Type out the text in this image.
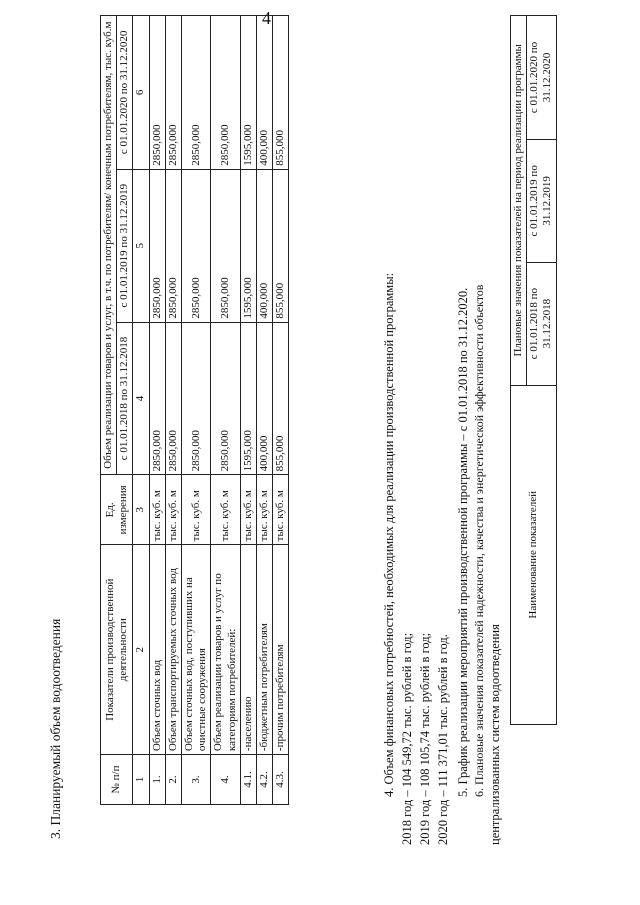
4
3. Планируемый объем водоотведения	№ п/п	Показатели производственной деятельности	Ед. измерения	Объем реализации товаров и услуг, в т.ч. по потребителям/ конечным потребителям, тыс. куб.м		
			с 01.01.2018 по 31.12.2018	с 01.01.2019 по 31.12.2019	с 01.01.2020 по 31.12.2020
1	2	3	4	5	6
1.	Объем сточных вод	тыс. куб. м	2850,000	2850,000	2850,000
2.	Объем транспортируемых сточных вод	тыс. куб. м	2850,000	2850,000	2850,000
3.	Объем сточных вод, поступивших на очистные сооружения	тыс. куб. м	2850,000	2850,000	2850,000
4.	Объем реализации товаров и услуг по категориям потребителей:	тыс. куб. м	2850,000	2850,000	2850,000
4.1.	-населению	тыс. куб. м	1595,000	1595,000	1595,000
4.2.	-бюджетным потребителям	тыс. куб. м	400,000	400,000	400,000
4.3.	-прочим потребителям	тыс. куб. м	855,000	855,000	855,000
4. Объем финансовых потребностей, необходимых для реализации производственной программы: 2018 год – 104 549,72 тыс. рублей в год; 2019 год – 108 105,74 тыс. рублей в год; 2020 год – 111 371,01 тыс. рублей в год. 5. График реализации мероприятий производственной программы – с 01.01.2018 по 31.12.2020. 6. Плановые значения показателей надежности, качества и энергетической эффективности объектов централизованных систем водоотведения
Наименование показателей	Плановые значения показателей на период реализации программы		
	с 01.01.2018 по 31.12.2018	с 01.01.2019 по 31.12.2019	с 01.01.2020 по 31.12.2020
